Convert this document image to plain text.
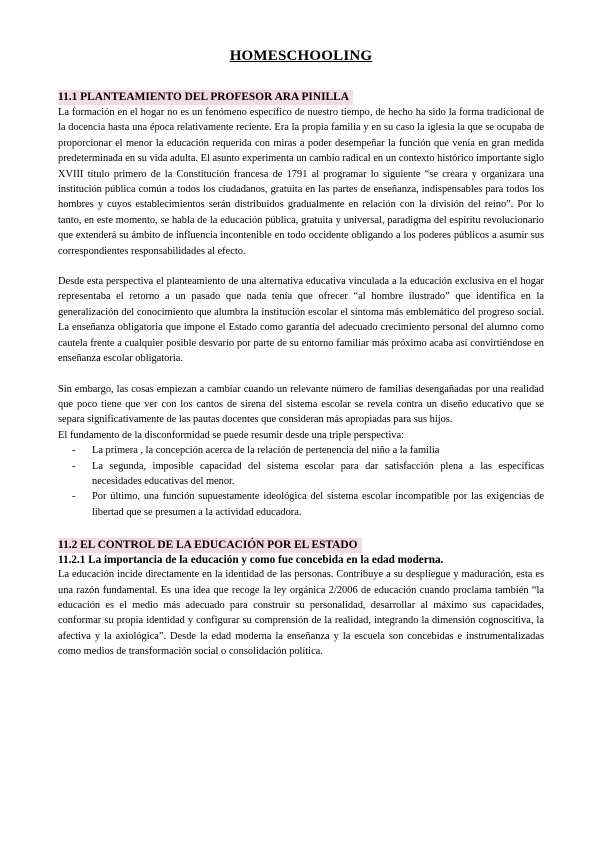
HOMESCHOOLING
11.1 PLANTEAMIENTO DEL PROFESOR ARA PINILLA

La formación en el hogar no es un fenómeno específico de nuestro tiempo, de hecho ha sido la forma tradicional de la docencia hasta una época relativamente reciente. Era la propia familia y en su caso la iglesia la que se ocupaba de proporcionar el menor la educación requerida con miras a poder desempeñar la función que venía en gran medida predeterminada en su vida adulta. El asunto experimenta un cambio radical en un contexto histórico importante siglo XVIII título primero de la Constitución francesa de 1791 al programar lo siguiente “se creara y organizara una institución pública común a todos los ciudadanos, gratuita en las partes de enseñanza, indispensables para todos los hombres y cuyos establecimientos serán distribuidos gradualmente en relación con la división del reino”. Por lo tanto, en este momento, se habla de la educación pública, gratuita y universal, paradigma del espíritu revolucionario que extenderá su ámbito de influencia incontenible en todo occidente obligando a los poderes públicos a asumir sus correspondientes responsabilidades al efecto.

Desde esta perspectiva el planteamiento de una alternativa educativa vinculada a la educación exclusiva en el hogar representaba el retorno a un pasado que nada tenía que ofrecer “al hombre ilustrado” que identifica en la generalización del conocimiento que alumbra la institución escolar el síntoma más emblemático del progreso social. La enseñanza obligatoria que impone el Estado como garantía del adecuado crecimiento personal del alumno como cautela frente a cualquier posible desvarío por parte de su entorno familiar más próximo acaba así convirtiéndose en enseñanza escolar obligatoria.

Sin embargo, las cosas empiezan a cambiar cuando un relevante número de familias desengañadas por una realidad que poco tiene que ver con los cantos de sirena del sistema escolar se revela contra un diseño educativo que se separa significativamente de las pautas docentes que consideran más apropiadas para sus hijos.

El fundamento de la disconformidad se puede resumir desde una triple perspectiva:

- La primera , la concepción acerca de la relación de pertenencia del niño a la familia
- La segunda, imposible capacidad del sistema escolar para dar satisfacción plena a las específicas necesidades educativas del menor.
- Por último, una función supuestamente ideológica del sistema escolar incompatible por las exigencias de libertad que se presumen a la actividad educadora.
11.2 EL CONTROL DE LA EDUCACIÓN POR EL ESTADO
11.2.1 La importancia de la educación y como fue concebida en la edad moderna.

La educación incide directamente en la identidad de las personas. Contribuye a su despliegue y maduración, esta es una razón fundamental. Es una idea que recoge la ley orgánica 2/2006 de educación cuando proclama también “la educación es el medio más adecuado para construir su personalidad, desarrollar al máximo sus capacidades, conformar su propia identidad y configurar su comprensión de la realidad, integrando la dimensión cognoscitiva, la afectiva y la axiológica”. Desde la edad moderna la enseñanza y la escuela son concebidas e instrumentalizadas como medios de transformación social o consolidación política.
